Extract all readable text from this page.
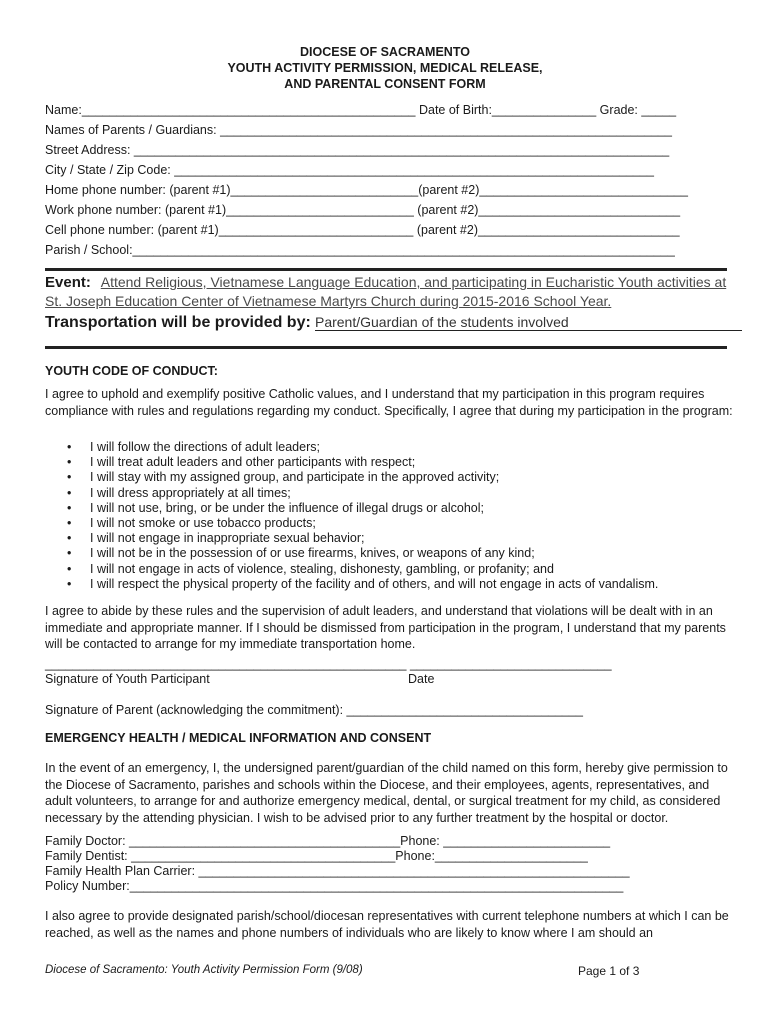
DIOCESE OF SACRAMENTO
YOUTH ACTIVITY PERMISSION, MEDICAL RELEASE,
AND PARENTAL CONSENT FORM
Name:________________________________________________ Date of Birth:_______________ Grade: _____
Names of Parents / Guardians: _________________________________________________________________
Street Address: _____________________________________________________________________________
City / State / Zip Code: _____________________________________________________________________
Home phone number: (parent #1)___________________________(parent #2)______________________________
Work phone number: (parent #1)___________________________ (parent #2)_____________________________
Cell phone number: (parent #1)____________________________ (parent #2)_____________________________
Parish / School:______________________________________________________________________________
Event: Attend Religious, Vietnamese Language Education, and participating in Eucharistic Youth activities at
St. Joseph Education Center of Vietnamese Martyrs Church during 2015-2016 School Year.
Transportation will be provided by: Parent/Guardian of the students involved
YOUTH CODE OF CONDUCT:
I agree to uphold and exemplify positive Catholic values, and I understand that my participation in this program requires compliance with rules and regulations regarding my conduct. Specifically, I agree that during my participation in the program:
• I will follow the directions of adult leaders;
• I will treat adult leaders and other participants with respect;
• I will stay with my assigned group, and participate in the approved activity;
• I will dress appropriately at all times;
• I will not use, bring, or be under the influence of illegal drugs or alcohol;
• I will not smoke or use tobacco products;
• I will not engage in inappropriate sexual behavior;
• I will not be in the possession of or use firearms, knives, or weapons of any kind;
• I will not engage in acts of violence, stealing, dishonesty, gambling, or profanity; and
• I will respect the physical property of the facility and of others, and will not engage in acts of vandalism.
I agree to abide by these rules and the supervision of adult leaders, and understand that violations will be dealt with in an immediate and appropriate manner. If I should be dismissed from participation in the program, I understand that my parents will be contacted to arrange for my immediate transportation home.
____________________________________________________ _____________________________
Signature of Youth Participant	Date
Signature of Parent (acknowledging the commitment): __________________________________
EMERGENCY HEALTH / MEDICAL INFORMATION AND CONSENT
In the event of an emergency, I, the undersigned parent/guardian of the child named on this form, hereby give permission to the Diocese of Sacramento, parishes and schools within the Diocese, and their employees, agents, representatives, and adult volunteers, to arrange for and authorize emergency medical, dental, or surgical treatment for my child, as considered necessary by the attending physician. I wish to be advised prior to any further treatment by the hospital or doctor.
Family Doctor: _______________________________________Phone: ________________________
Family Dentist: ______________________________________Phone:______________________
Family Health Plan Carrier: ______________________________________________________________
Policy Number:_______________________________________________________________________
I also agree to provide designated parish/school/diocesan representatives with current telephone numbers at which I can be reached, as well as the names and phone numbers of individuals who are likely to know where I am should an
Diocese of Sacramento: Youth Activity Permission Form (9/08)	Page 1 of 3
